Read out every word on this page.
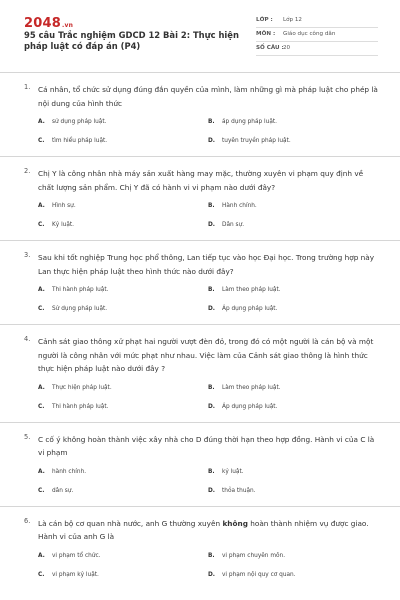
2048.vn
95 câu Trắc nghiệm GDCD 12 Bài 2: Thực hiện pháp luật có đáp án (P4)
LỚP : Lớp 12
MÔN : Giáo dục công dân
SỐ CÂU : 20
1. Cá nhân, tổ chức sử dụng đúng đắn quyền của mình, làm những gì mà pháp luật cho phép là nội dung của hình thức
A. sử dụng pháp luật.	B. áp dụng pháp luật.
C. tìm hiểu pháp luật.	D. tuyên truyền pháp luật.
2. Chị Y là công nhân nhà máy sản xuất hàng may mặc, thường xuyên vi phạm quy định về chất lượng sản phẩm. Chị Y đã có hành vi vi phạm nào dưới đây?
A. Hình sự.	B. Hành chính.
C. Kỷ luật.	D. Dân sự.
3. Sau khi tốt nghiệp Trung học phổ thông, Lan tiếp tục vào học Đại học. Trong trường hợp này Lan thực hiện pháp luật theo hình thức nào dưới đây?
A. Thi hành pháp luật.	B. Làm theo pháp luật.
C. Sử dụng pháp luật.	D. Áp dụng pháp luật.
4. Cảnh sát giao thông xử phạt hai người vượt đèn đỏ, trong đó có một người là cán bộ và một người là công nhân với mức phạt như nhau. Việc làm của Cảnh sát giao thông là hình thức thực hiện pháp luật nào dưới đây ?
A. Thực hiện pháp luật.	B. Làm theo pháp luật.
C. Thi hành pháp luật.	D. Áp dụng pháp luật.
5. C cố ý không hoàn thành việc xây nhà cho D đúng thời hạn theo hợp đồng. Hành vi của C là vi phạm
A. hành chính.	B. kỷ luật.
C. dân sự.	D. thỏa thuận.
6. Là cán bộ cơ quan nhà nước, anh G thường xuyên không hoàn thành nhiệm vụ được giao. Hành vi của anh G là
A. vi phạm tổ chức.	B. vi phạm chuyên môn.
C. vi phạm kỷ luật.	D. vi phạm nội quy cơ quan.
